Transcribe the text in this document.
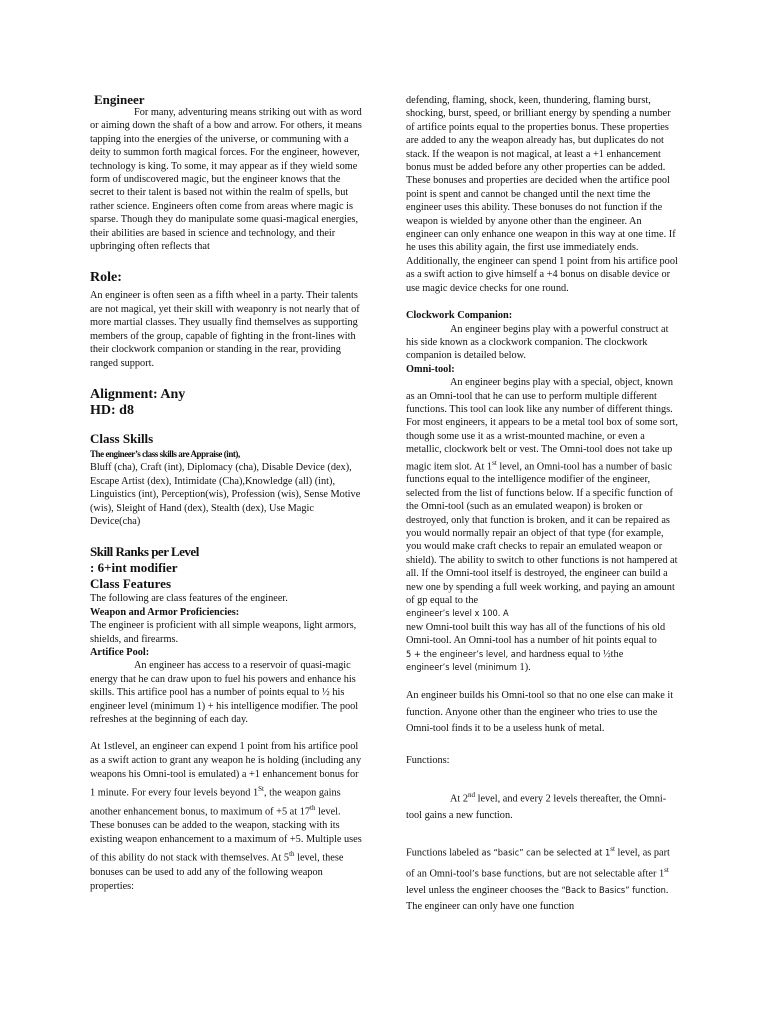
Engineer

For many, adventuring means striking out with as word or aiming down the shaft of a bow and arrow. For others, it means tapping into the energies of the universe, or communing with a deity to summon forth magical forces. For the engineer, however, technology is king. To some, it may appear as if they wield some form of undiscovered magic, but the engineer knows that the secret to their talent is based not within the realm of spells, but rather science. Engineers often come from areas where magic is sparse. Though they do manipulate some quasi-magical energies, their abilities are based in science and technology, and their upbringing often reflects that

Role:

An engineer is often seen as a fifth wheel in a party. Their talents are not magical, yet their skill with weaponry is not nearly that of more martial classes. They usually find themselves as supporting members of the group, capable of fighting in the front-lines with their clockwork companion or standing in the rear, providing ranged support.

Alignment: Any
HD: d8
Class Skills

The engineer’s class skills are Appraise (int),

Bluff (cha), Craft (int), Diplomacy (cha), Disable Device (dex), Escape Artist (dex), Intimidate (Cha),Knowledge (all) (int), Linguistics (int), Perception(wis), Profession (wis), Sense Motive (wis), Sleight of Hand (dex), Stealth (dex), Use Magic Device(cha)

Skill Ranks per Level
: 6+int modifier
Class Features

The following are class features of the engineer.

Weapon and Armor Proficiencies:

The engineer is proficient with all simple weapons, light armors, shields, and firearms.

Artifice Pool:

An engineer has access to a reservoir of quasi-magic energy that he can draw upon to fuel his powers and enhance his skills. This artifice pool has a number of points equal to ½ his engineer level (minimum 1) + his intelligence modifier. The pool refreshes at the beginning of each day.

At 1stlevel, an engineer can expend 1 point from his artifice pool as a swift action to grant any weapon he is holding (including any weapons his Omni-tool is emulated) a +1 enhancement bonus for 1 minute. For every four levels beyond 1St, the weapon gains another enhancement bonus, to maximum of +5 at 17th level. These bonuses can be added to the weapon, stacking with its existing weapon enhancement to a maximum of +5. Multiple uses of this ability do not stack with themselves. At 5th level, these bonuses can be used to add any of the following weapon properties:

defending, flaming, shock, keen, thundering, flaming burst, shocking, burst, speed, or brilliant energy by spending a number of artifice points equal to the properties bonus. These properties are added to any the weapon already has, but duplicates do not stack. If the weapon is not magical, at least a +1 enhancement bonus must be added before any other properties can be added. These bonuses and properties are decided when the artifice pool point is spent and cannot be changed until the next time the engineer uses this ability. These bonuses do not function if the weapon is wielded by anyone other than the engineer. An engineer can only enhance one weapon in this way at one time. If he uses this ability again, the first use immediately ends. Additionally, the engineer can spend 1 point from his artifice pool as a swift action to give himself a +4 bonus on disable device or use magic device checks for one round.

Clockwork Companion:

An engineer begins play with a powerful construct at his side known as a clockwork companion. The clockwork companion is detailed below.

Omni-tool:

An engineer begins play with a special, object, known as an Omni-tool that he can use to perform multiple different functions. This tool can look like any number of different things. For most engineers, it appears to be a metal tool box of some sort, though some use it as a wrist-mounted machine, or even a metallic, clockwork belt or vest. The Omni-tool does not take up magic item slot. At 1st level, an Omni-tool has a number of basic functions equal to the intelligence modifier of the engineer, selected from the list of functions below. If a specific function of the Omni-tool (such as an emulated weapon) is broken or destroyed, only that function is broken, and it can be repaired as you would normally repair an object of that type (for example, you would make craft checks to repair an emulated weapon or shield). The ability to switch to other functions is not hampered at all. If the Omni-tool itself is destroyed, the engineer can build a new one by spending a full week working, and paying an amount of gp equal to the

engineer’s level x 100. A

new Omni-tool built this way has all of the functions of his old Omni-tool. An Omni-tool has a number of hit points equal to

5 + the engineer’s level, and hardness equal to ½the

engineer’s level (minimum 1).

An engineer builds his Omni-tool so that no one else can make it function. Anyone other than the engineer who tries to use the Omni-tool finds it to be a useless hunk of metal.

Functions:

At 2nd level, and every 2 levels thereafter, the Omni-tool gains a new function.

Functions labeled as “basic” can be selected at 1st level, as part of an Omni-tool’s base functions, but are not selectable after 1st level unless the engineer chooses the “Back to Basics” function. The engineer can only have one function
